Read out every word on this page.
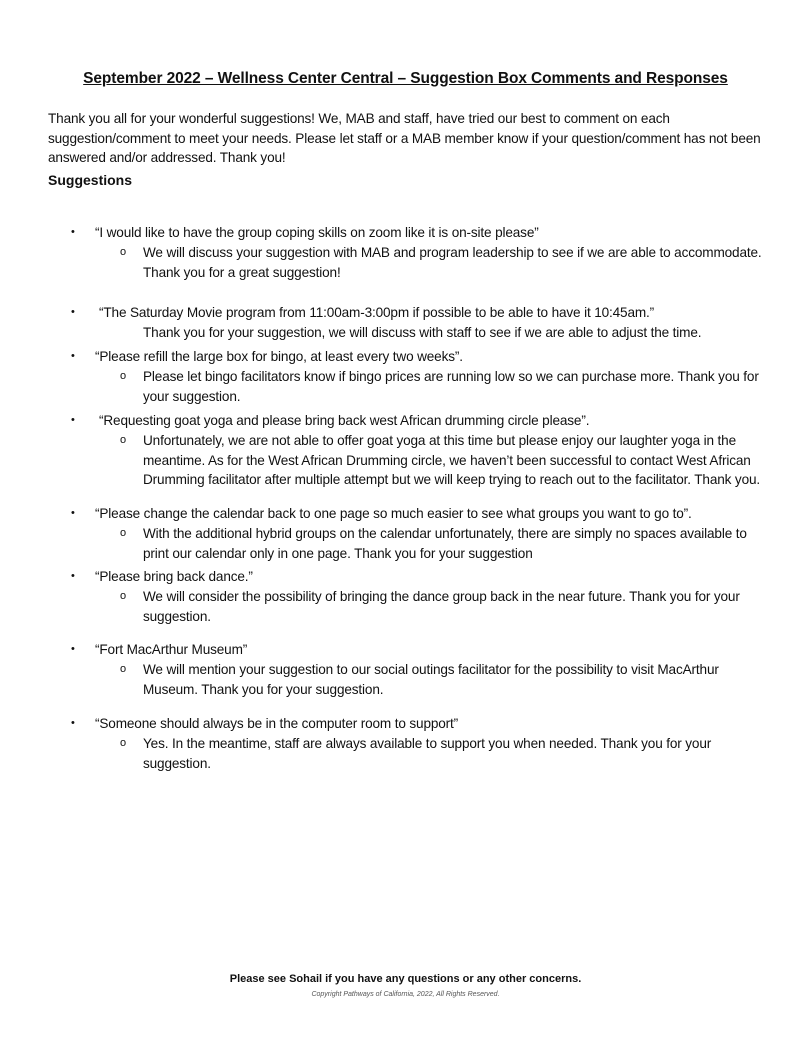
September 2022 – Wellness Center Central – Suggestion Box Comments and Responses
Thank you all for your wonderful suggestions! We, MAB and staff, have tried our best to comment on each suggestion/comment to meet your needs. Please let staff or a MAB member know if your question/comment has not been answered and/or addressed. Thank you!
Suggestions
• “I would like to have the group coping skills on zoom like it is on-site please”
o We will discuss your suggestion with MAB and program leadership to see if we are able to accommodate. Thank you for a great suggestion!
• “The Saturday Movie program from 11:00am-3:00pm if possible to be able to have it 10:45am.”
Thank you for your suggestion, we will discuss with staff to see if we are able to adjust the time.
• “Please refill the large box for bingo, at least every two weeks”.
o Please let bingo facilitators know if bingo prices are running low so we can purchase more. Thank you for your suggestion.
• “Requesting goat yoga and please bring back west African drumming circle please”.
o Unfortunately, we are not able to offer goat yoga at this time but please enjoy our laughter yoga in the meantime. As for the West African Drumming circle, we haven’t been successful to contact West African Drumming facilitator after multiple attempt but we will keep trying to reach out to the facilitator. Thank you.
• “Please change the calendar back to one page so much easier to see what groups you want to go to”.
o With the additional hybrid groups on the calendar unfortunately, there are simply no spaces available to print our calendar only in one page. Thank you for your suggestion
• “Please bring back dance.”
o We will consider the possibility of bringing the dance group back in the near future. Thank you for your suggestion.
• “Fort MacArthur Museum”
o We will mention your suggestion to our social outings facilitator for the possibility to visit MacArthur Museum. Thank you for your suggestion.
• “Someone should always be in the computer room to support”
o Yes. In the meantime, staff are always available to support you when needed. Thank you for your suggestion.
Please see Sohail if you have any questions or any other concerns.
Copyright Pathways of California, 2022, All Rights Reserved.
